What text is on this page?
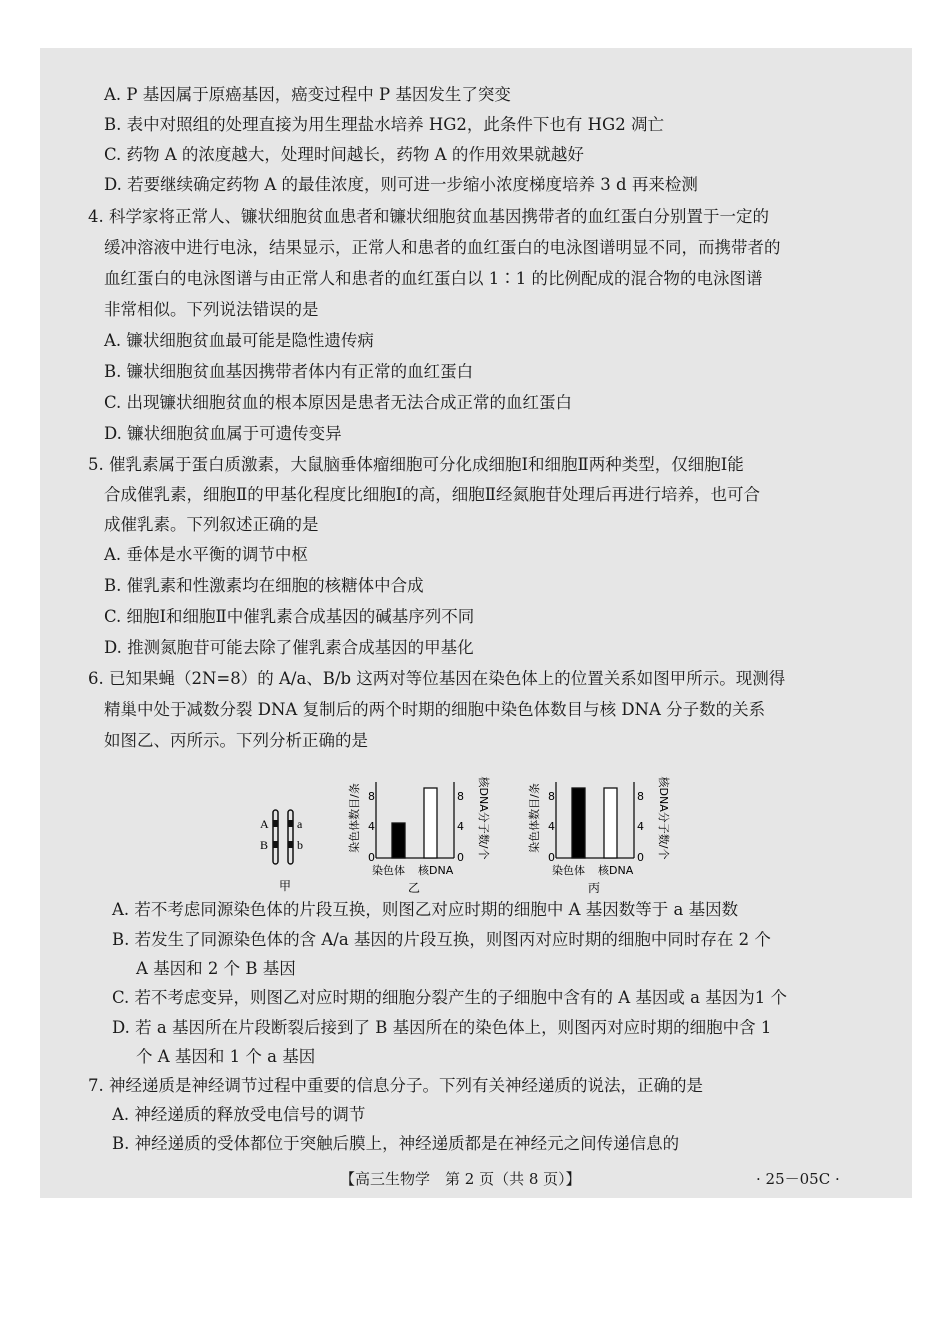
A. P 基因属于原癌基因，癌变过程中 P 基因发生了突变
B. 表中对照组的处理直接为用生理盐水培养 HG2，此条件下也有 HG2 凋亡
C. 药物 A 的浓度越大，处理时间越长，药物 A 的作用效果就越好
D. 若要继续确定药物 A 的最佳浓度，则可进一步缩小浓度梯度培养 3 d 再来检测
4. 科学家将正常人、镰状细胞贫血患者和镰状细胞贫血基因携带者的血红蛋白分别置于一定的
缓冲溶液中进行电泳，结果显示，正常人和患者的血红蛋白的电泳图谱明显不同，而携带者的
血红蛋白的电泳图谱与由正常人和患者的血红蛋白以 1∶1 的比例配成的混合物的电泳图谱
非常相似。下列说法错误的是
A. 镰状细胞贫血最可能是隐性遗传病
B. 镰状细胞贫血基因携带者体内有正常的血红蛋白
C. 出现镰状细胞贫血的根本原因是患者无法合成正常的血红蛋白
D. 镰状细胞贫血属于可遗传变异
5. 催乳素属于蛋白质激素，大鼠脑垂体瘤细胞可分化成细胞Ⅰ和细胞Ⅱ两种类型，仅细胞Ⅰ能
合成催乳素，细胞Ⅱ的甲基化程度比细胞Ⅰ的高，细胞Ⅱ经氮胞苷处理后再进行培养，也可合
成催乳素。下列叙述正确的是
A. 垂体是水平衡的调节中枢
B. 催乳素和性激素均在细胞的核糖体中合成
C. 细胞Ⅰ和细胞Ⅱ中催乳素合成基因的碱基序列不同
D. 推测氮胞苷可能去除了催乳素合成基因的甲基化
6. 已知果蝇（2N=8）的 A/a、B/b 这两对等位基因在染色体上的位置关系如图甲所示。现测得
精巢中处于减数分裂 DNA 复制后的两个时期的细胞中染色体数目与核 DNA 分子数的关系
如图乙、丙所示。下列分析正确的是
A
B
a
b
甲
染色体数目/条	核DNA分子数/个
8
4
0
8
4
0
染色体 核DNA
乙
染色体数目/条	核DNA分子数/个
8
4
0
8
4
0
染色体 核DNA
丙
A. 若不考虑同源染色体的片段互换，则图乙对应时期的细胞中 A 基因数等于 a 基因数
B. 若发生了同源染色体的含 A/a 基因的片段互换，则图丙对应时期的细胞中同时存在 2 个
A 基因和 2 个 B 基因
C. 若不考虑变异，则图乙对应时期的细胞分裂产生的子细胞中含有的 A 基因或 a 基因为1 个
D. 若 a 基因所在片段断裂后接到了 B 基因所在的染色体上，则图丙对应时期的细胞中含 1
个 A 基因和 1 个 a 基因
7. 神经递质是神经调节过程中重要的信息分子。下列有关神经递质的说法，正确的是
A. 神经递质的释放受电信号的调节
B. 神经递质的受体都位于突触后膜上，神经递质都是在神经元之间传递信息的
【高三生物学　第 2 页（共 8 页）】	· 25－05C ·
